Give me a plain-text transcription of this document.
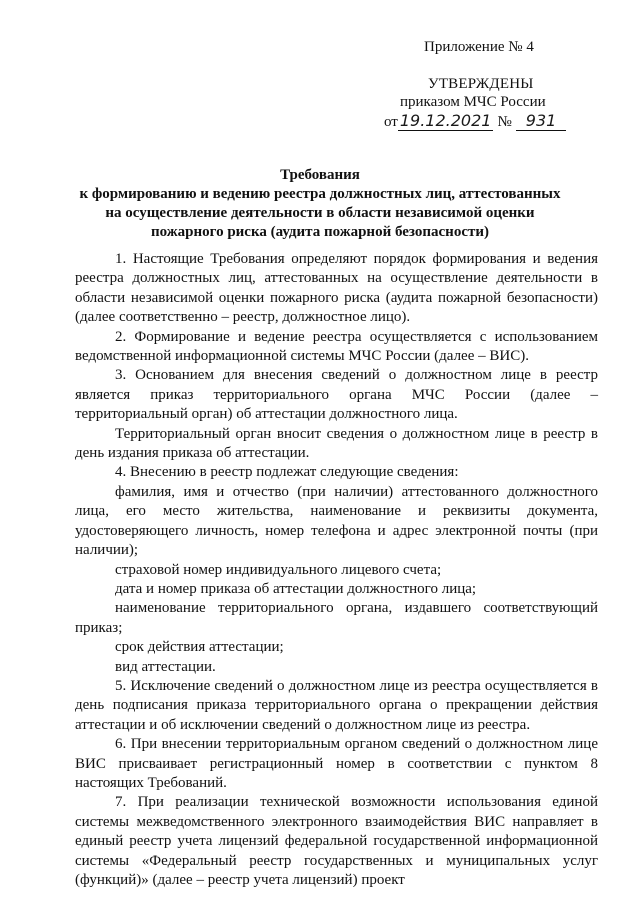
Приложение № 4
УТВЕРЖДЕНЫ
приказом МЧС России
от 19.12.2021 № 931
Требования
к формированию и ведению реестра должностных лиц, аттестованных
на осуществление деятельности в области независимой оценки
пожарного риска (аудита пожарной безопасности)

1. Настоящие Требования определяют порядок формирования и ведения реестра должностных лиц, аттестованных на осуществление деятельности в области независимой оценки пожарного риска (аудита пожарной безопасности) (далее соответственно – реестр, должностное лицо).

2. Формирование и ведение реестра осуществляется с использованием ведомственной информационной системы МЧС России (далее – ВИС).

3. Основанием для внесения сведений о должностном лице в реестр является приказ территориального органа МЧС России (далее – территориальный орган) об аттестации должностного лица.

Территориальный орган вносит сведения о должностном лице в реестр в день издания приказа об аттестации.

4. Внесению в реестр подлежат следующие сведения:

фамилия, имя и отчество (при наличии) аттестованного должностного лица, его место жительства, наименование и реквизиты документа, удостоверяющего личность, номер телефона и адрес электронной почты (при наличии);

страховой номер индивидуального лицевого счета;

дата и номер приказа об аттестации должностного лица;

наименование территориального органа, издавшего соответствующий приказ;

срок действия аттестации;

вид аттестации.

5. Исключение сведений о должностном лице из реестра осуществляется в день подписания приказа территориального органа о прекращении действия аттестации и об исключении сведений о должностном лице из реестра.

6. При внесении территориальным органом сведений о должностном лице ВИС присваивает регистрационный номер в соответствии с пунктом 8 настоящих Требований.

7. При реализации технической возможности использования единой системы межведомственного электронного взаимодействия ВИС направляет в единый реестр учета лицензий федеральной государственной информационной системы «Федеральный реестр государственных и муниципальных услуг (функций)» (далее – реестр учета лицензий) проект
